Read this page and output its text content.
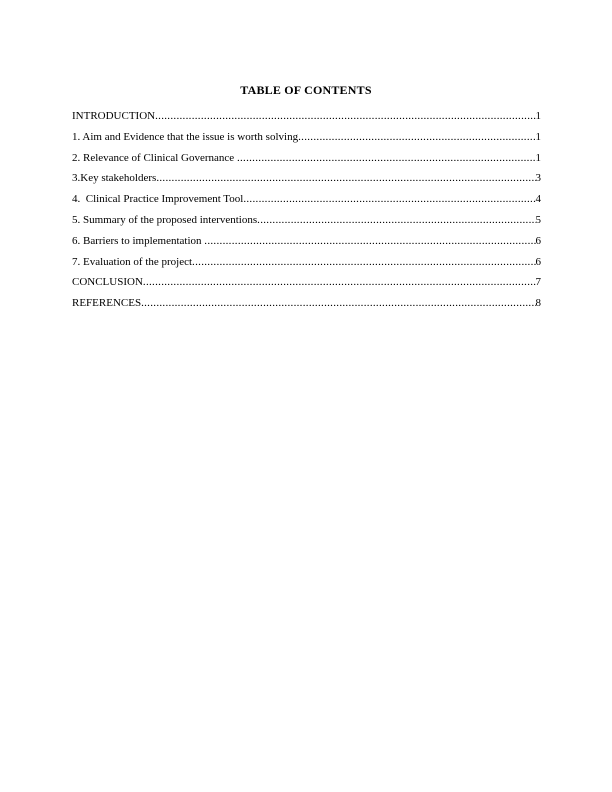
TABLE OF CONTENTS
INTRODUCTION .....	1
1. Aim and Evidence that the issue is worth solving .....	1
2. Relevance of Clinical Governance .....	1
3.Key stakeholders .....	3
4.  Clinical Practice Improvement Tool .....	4
5. Summary of the proposed interventions .....	5
6. Barriers to implementation .....	6
7. Evaluation of the project .....	6
CONCLUSION .....	7
REFERENCES .....	8
